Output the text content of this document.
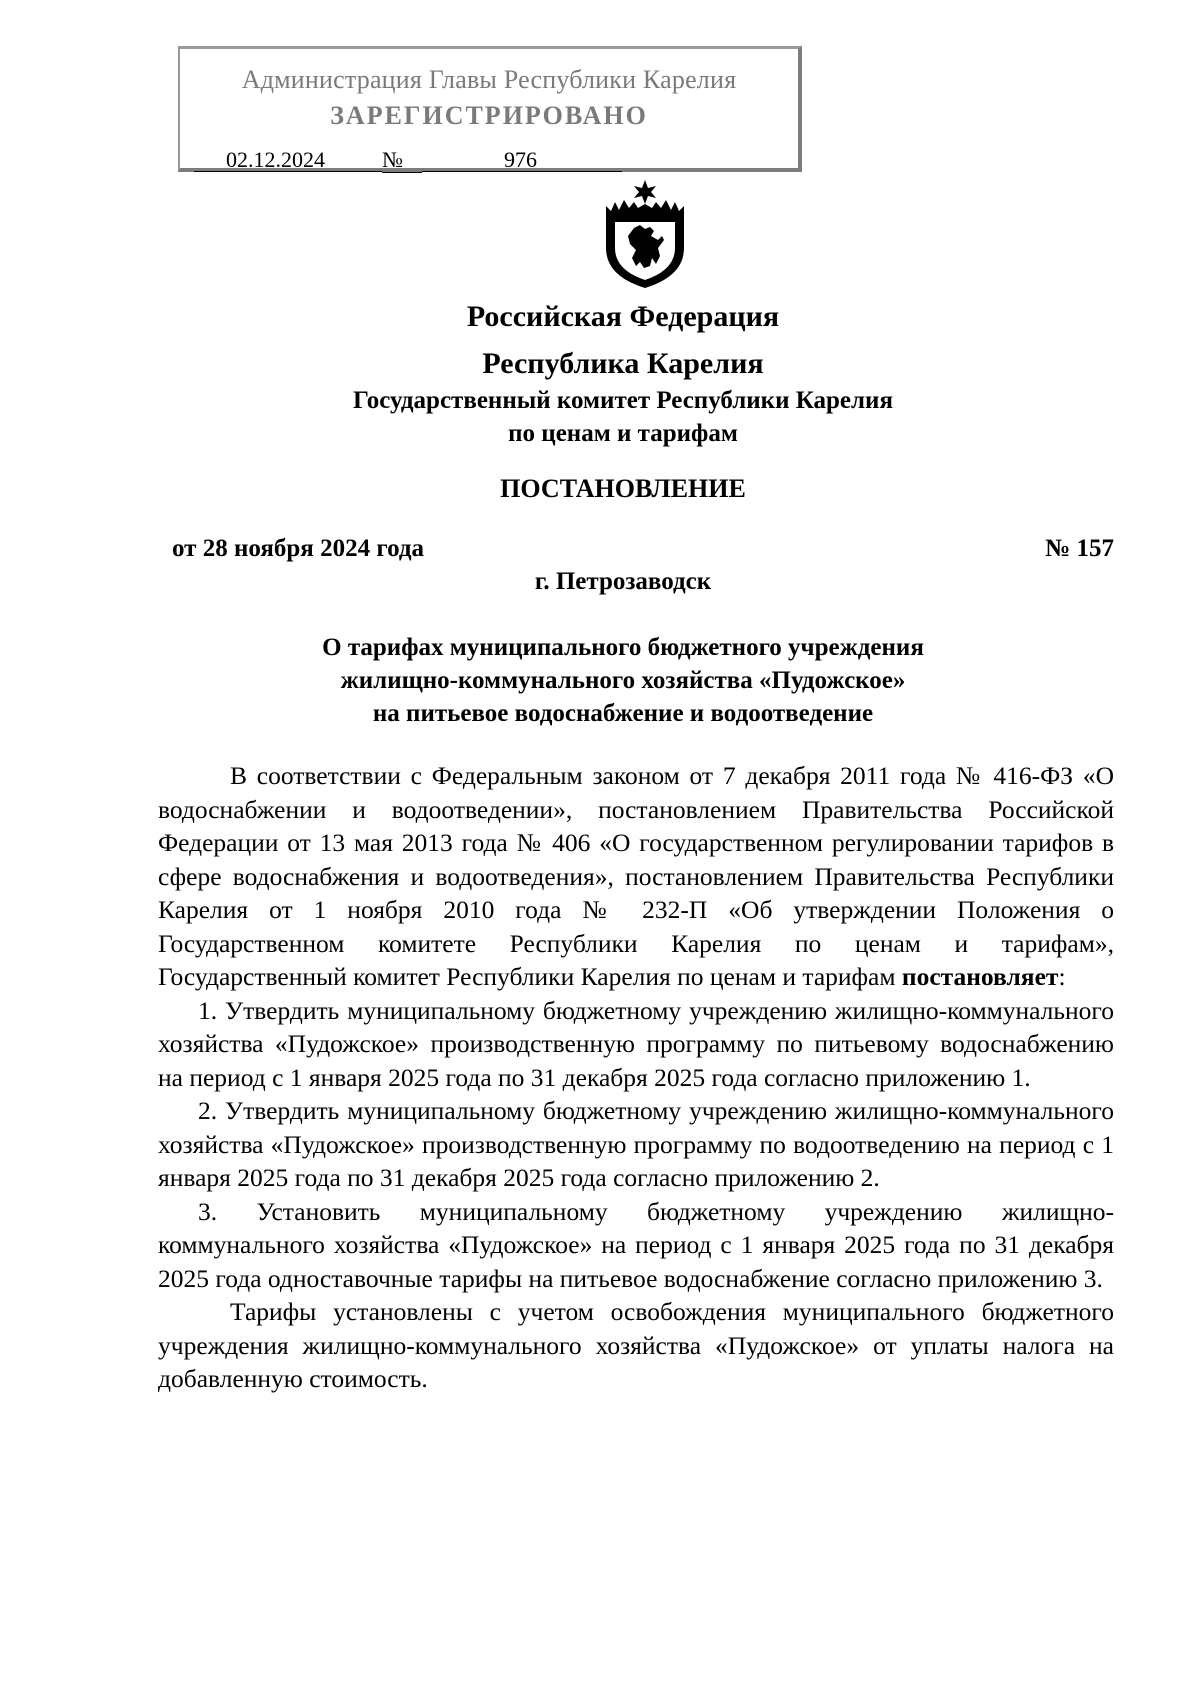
Администрация Главы Республики Карелия
ЗАРЕГИСТРИРОВАНО
02.12.2024	№	976
Российская Федерация
Республика Карелия
Государственный комитет Республики Карелия
по ценам и тарифам
ПОСТАНОВЛЕНИЕ
от 28 ноября 2024 года	№ 157
г. Петрозаводск
О тарифах муниципального бюджетного учреждения
жилищно-коммунального хозяйства «Пудожское»
на питьевое водоснабжение и водоотведение

В соответствии с Федеральным законом от 7 декабря 2011 года № 416-ФЗ «О водоснабжении и водоотведении», постановлением Правительства Российской Федерации от 13 мая 2013 года № 406 «О государственном регулировании тарифов в сфере водоснабжения и водоотведения», постановлением Правительства Республики Карелия от 1 ноября 2010 года № 232-П «Об утверждении Положения о Государственном комитете Республики Карелия по ценам и тарифам», Государственный комитет Республики Карелия по ценам и тарифам постановляет:

1. Утвердить муниципальному бюджетному учреждению жилищно-коммунального хозяйства «Пудожское» производственную программу по питьевому водоснабжению на период с 1 января 2025 года по 31 декабря 2025 года согласно приложению 1.

2. Утвердить муниципальному бюджетному учреждению жилищно-коммунального хозяйства «Пудожское» производственную программу по водоотведению на период с 1 января 2025 года по 31 декабря 2025 года согласно приложению 2.

3. Установить муниципальному бюджетному учреждению жилищно-коммунального хозяйства «Пудожское» на период с 1 января 2025 года по 31 декабря 2025 года одноставочные тарифы на питьевое водоснабжение согласно приложению 3.

Тарифы установлены с учетом освобождения муниципального бюджетного учреждения жилищно-коммунального хозяйства «Пудожское» от уплаты налога на добавленную стоимость.
